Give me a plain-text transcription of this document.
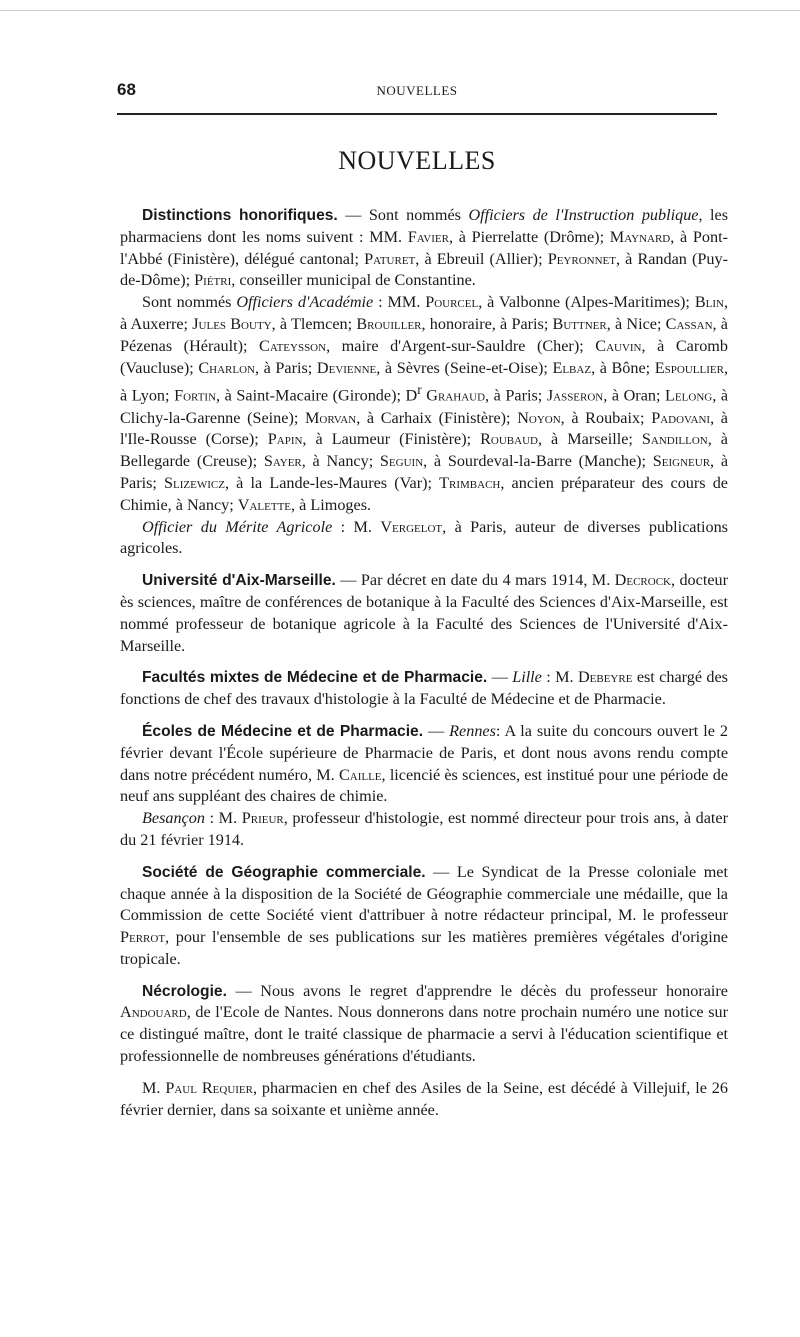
68	NOUVELLES
NOUVELLES

Distinctions honorifiques. — Sont nommés Officiers de l'Instruction publique, les pharmaciens dont les noms suivent : MM. Favier, à Pierrelatte (Drôme); Maynard, à Pont-l'Abbé (Finistère), délégué cantonal; Paturet, à Ebreuil (Allier); Peyronnet, à Randan (Puy-de-Dôme); Piétri, conseiller municipal de Constantine.

Sont nommés Officiers d'Académie : MM. Pourcel, à Valbonne (Alpes-Maritimes); Blin, à Auxerre; Jules Bouty, à Tlemcen; Brouiller, honoraire, à Paris; Buttner, à Nice; Cassan, à Pézenas (Hérault); Cateysson, maire d'Argent-sur-Sauldre (Cher); Cauvin, à Caromb (Vaucluse); Charlon, à Paris; Devienne, à Sèvres (Seine-et-Oise); Elbaz, à Bône; Espoullier, à Lyon; Fortin, à Saint-Macaire (Gironde); $D^r$ Grahaud, à Paris; Jasseron, à Oran; Lelong, à Clichy-la-Garenne (Seine); Morvan, à Carhaix (Finistère); Noyon, à Roubaix; Padovani, à l'Ile-Rousse (Corse); Papin, à Laumeur (Finistère); Roubaud, à Marseille; Sandillon, à Bellegarde (Creuse); Sayer, à Nancy; Seguin, à Sourdeval-la-Barre (Manche); Seigneur, à Paris; Slizewicz, à la Lande-les-Maures (Var); Trimbach, ancien préparateur des cours de Chimie, à Nancy; Valette, à Limoges.

Officier du Mérite Agricole : M. Vergelot, à Paris, auteur de diverses publications agricoles.

Université d'Aix-Marseille. — Par décret en date du 4 mars 1914, M. Decrock, docteur ès sciences, maître de conférences de botanique à la Faculté des Sciences d'Aix-Marseille, est nommé professeur de botanique agricole à la Faculté des Sciences de l'Université d'Aix-Marseille.

Facultés mixtes de Médecine et de Pharmacie. — Lille : M. Debeyre est chargé des fonctions de chef des travaux d'histologie à la Faculté de Médecine et de Pharmacie.

Écoles de Médecine et de Pharmacie. — Rennes: A la suite du concours ouvert le 2 février devant l'École supérieure de Pharmacie de Paris, et dont nous avons rendu compte dans notre précédent numéro, M. Caille, licencié ès sciences, est institué pour une période de neuf ans suppléant des chaires de chimie.

Besançon : M. Prieur, professeur d'histologie, est nommé directeur pour trois ans, à dater du 21 février 1914.

Société de Géographie commerciale. — Le Syndicat de la Presse coloniale met chaque année à la disposition de la Société de Géographie commerciale une médaille, que la Commission de cette Société vient d'attribuer à notre rédacteur principal, M. le professeur Perrot, pour l'ensemble de ses publications sur les matières premières végétales d'origine tropicale.

Nécrologie. — Nous avons le regret d'apprendre le décès du professeur honoraire Andouard, de l'Ecole de Nantes. Nous donnerons dans notre prochain numéro une notice sur ce distingué maître, dont le traité classique de pharmacie a servi à l'éducation scientifique et professionnelle de nombreuses générations d'étudiants.

M. Paul Requier, pharmacien en chef des Asiles de la Seine, est décédé à Villejuif, le 26 février dernier, dans sa soixante et unième année.
